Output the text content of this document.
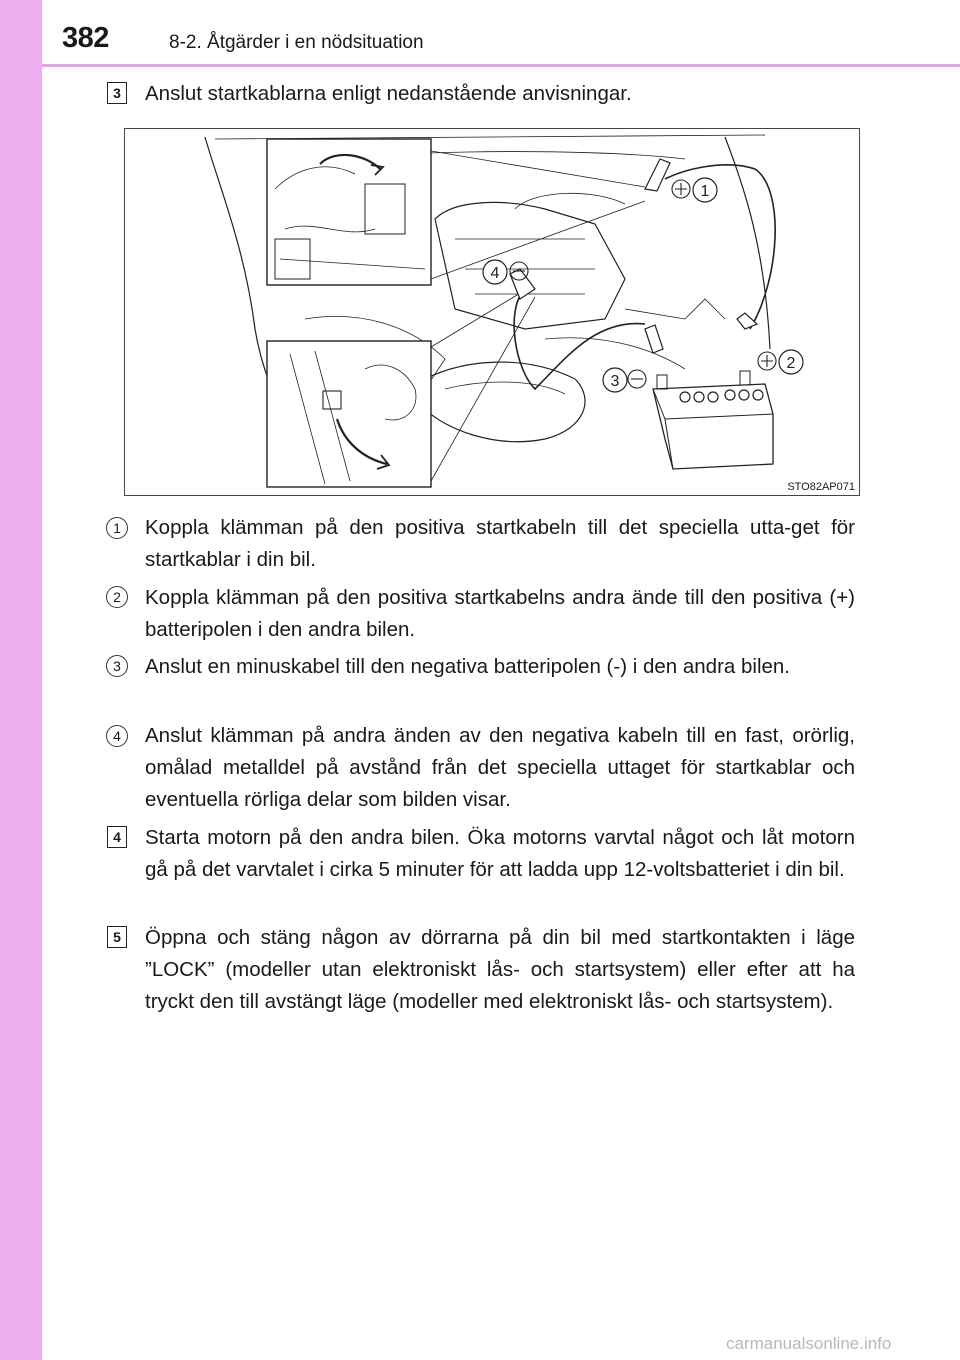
382	8-2. Åtgärder i en nödsituation
3 Anslut startkablarna enligt nedanstående anvisningar.

1
2
3
4
STO82AP071
1	Koppla klämman på den positiva startkabeln till det speciella utta-get för startkablar i din bil.

2	Koppla klämman på den positiva startkabelns andra ände till den positiva (+) batteripolen i den andra bilen.

3	Anslut en minuskabel till den negativa batteripolen (-) i den andra bilen.

4	Anslut klämman på andra änden av den negativa kabeln till en fast, orörlig, omålad metalldel på avstånd från det speciella uttaget för startkablar och eventuella rörliga delar som bilden visar.

4 Starta motorn på den andra bilen. Öka motorns varvtal något och låt motorn gå på det varvtalet i cirka 5 minuter för att ladda upp 12-voltsbatteriet i din bil.

5 Öppna och stäng någon av dörrarna på din bil med startkontakten i läge ”LOCK” (modeller utan elektroniskt lås- och startsystem) eller efter att ha tryckt den till avstängt läge (modeller med elektroniskt lås- och startsystem).

carmanualsonline.info
